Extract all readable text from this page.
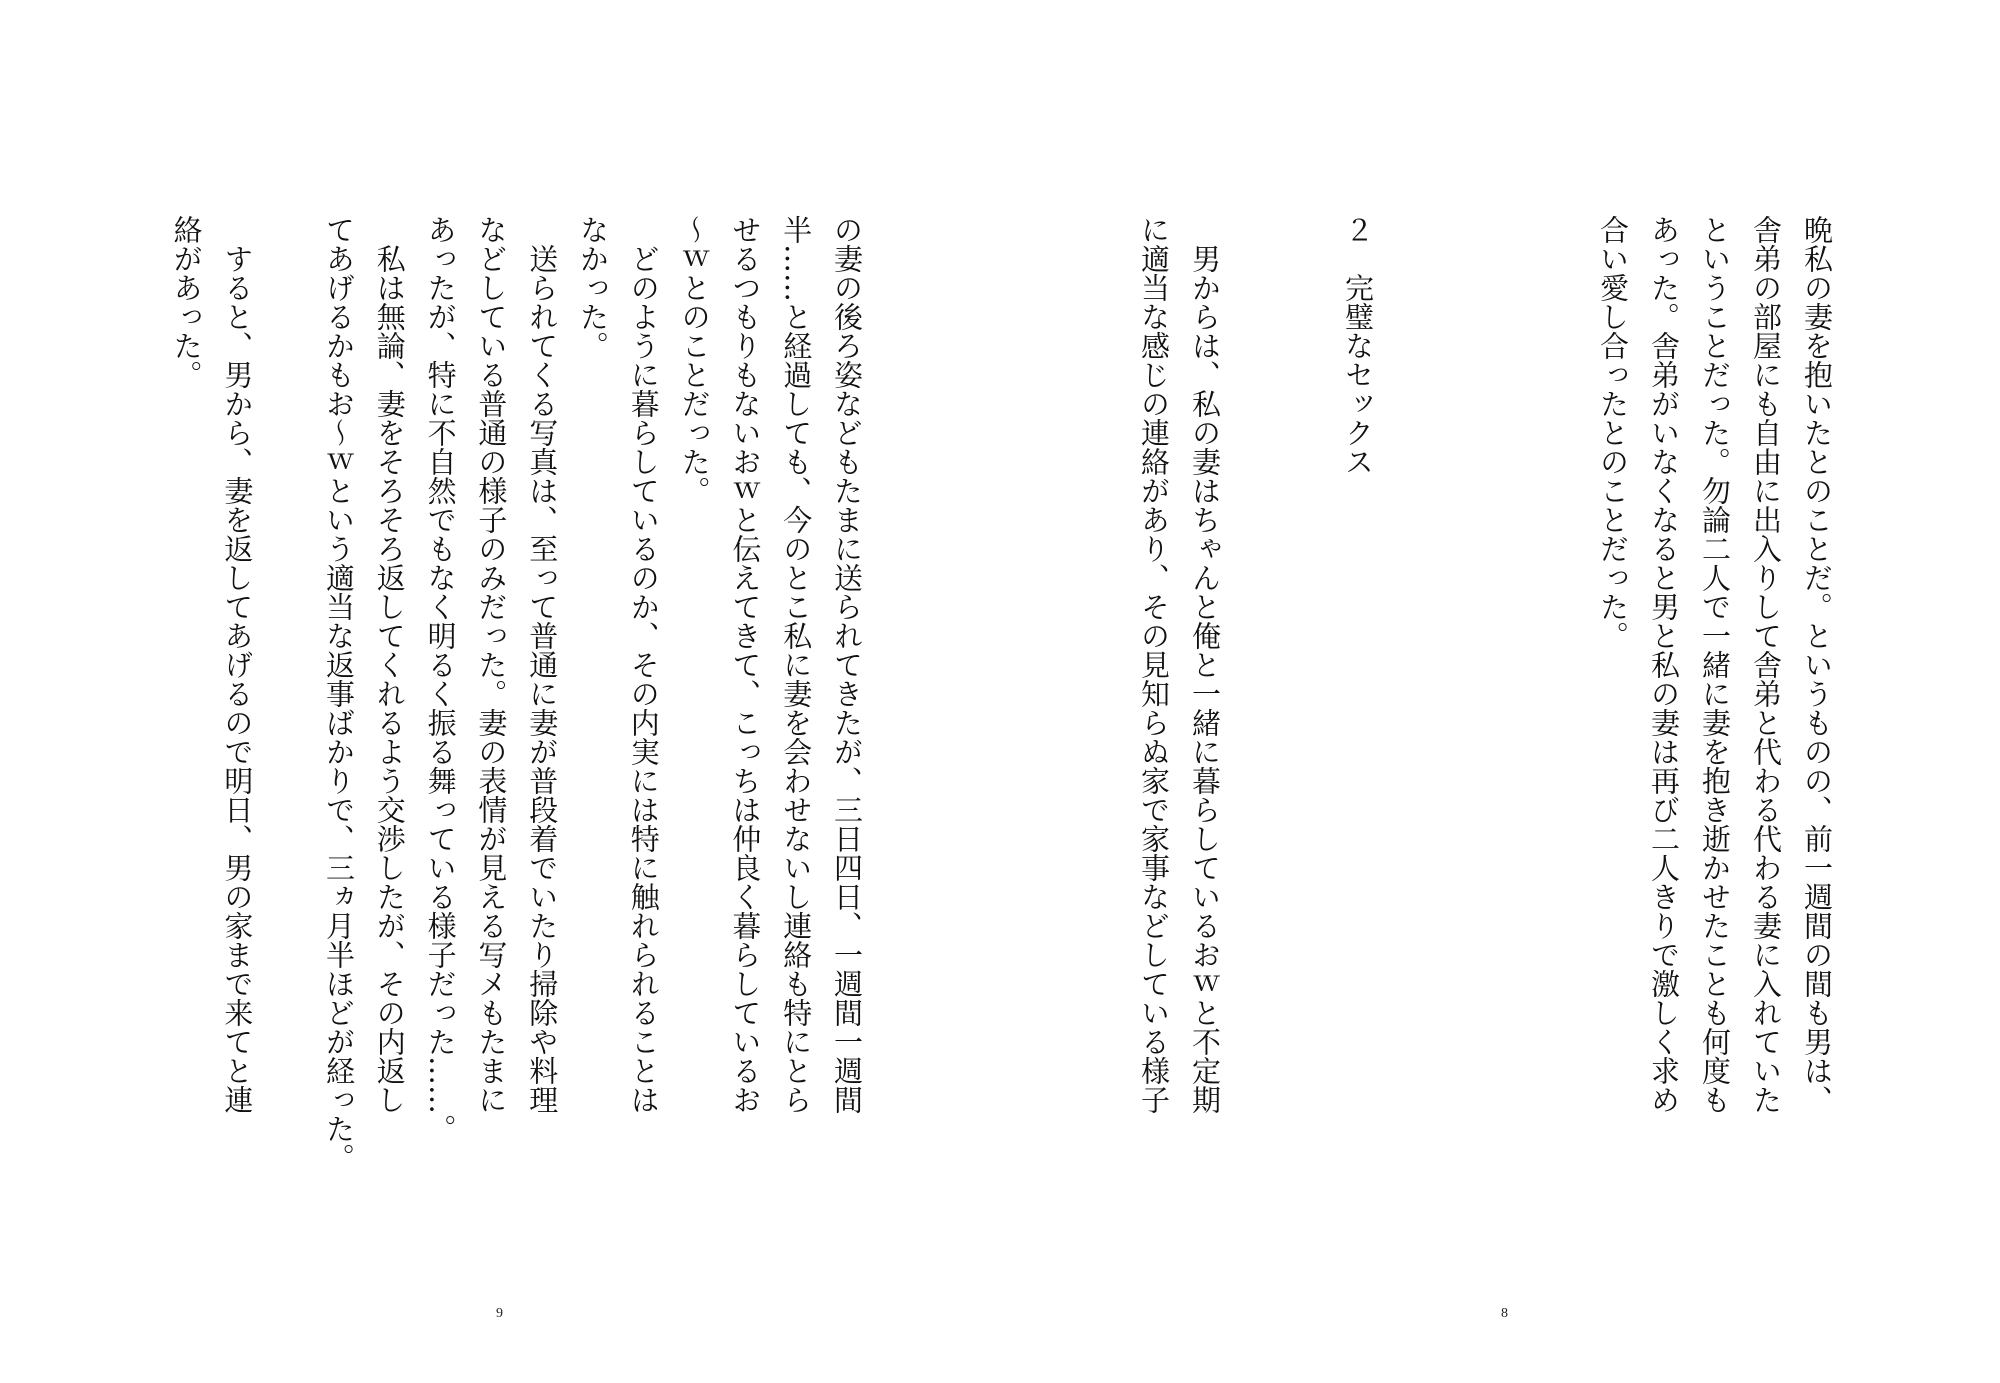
9
の妻の後ろ姿などもたまに送られてきたが、三日四日、一週間一週間
半……と経過しても、今のとこ私に妻を会わせないし連絡も特にとら
せるつもりもないおｗと伝えてきて、こっちは仲良く暮らしているお
〜ｗとのことだった。
　どのように暮らしているのか、その内実には特に触れられることは
なかった。
　送られてくる写真は、至って普通に妻が普段着でいたり掃除や料理
などしている普通の様子のみだった。妻の表情が見える写メもたまに
あったが、特に不自然でもなく明るく振る舞っている様子だった……。
　私は無論、妻をそろそろ返してくれるよう交渉したが、その内返し
てあげるかもお〜ｗという適当な返事ばかりで、三ヵ月半ほどが経った。
　すると、男から、妻を返してあげるので明日、男の家まで来てと連
絡があった。
8
晩私の妻を抱いたとのことだ。というものの、前一週間の間も男は、
舎弟の部屋にも自由に出入りして舎弟と代わる代わる妻に入れていた
ということだった。勿論二人で一緒に妻を抱き逝かせたことも何度も
あった。舎弟がいなくなると男と私の妻は再び二人きりで激しく求め
合い愛し合ったとのことだった。
２　完璧なセックス
　男からは、私の妻はちゃんと俺と一緒に暮らしているおｗと不定期
に適当な感じの連絡があり、その見知らぬ家で家事などしている様子
